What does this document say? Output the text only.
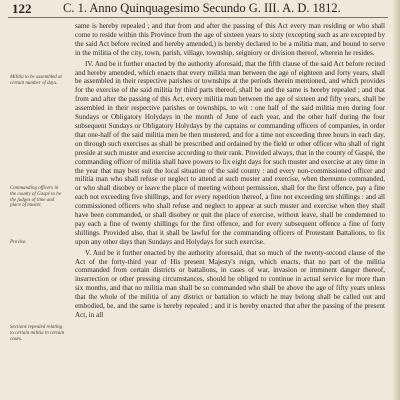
122	C. 1. Anno Quinquagesimo Secundo G. III. A. D. 1812.
Militia to be assembled at certain number of days.
Commanding officers in the county of Gaspé to be the judges of time and place of muster.
Proviso.
Sections repealed relating to certain militia in certain cases.

same is hereby repealed ; and that from and after the passing of this Act every man residing or who shall come to reside within this Province from the age of sixteen years to sixty (excepting such as are excepted by the said Act before recited and hereby amended,) is hereby declared to be a militia man, and bound to serve in the militia of the city, town, parish, village, township, seigniory or division thereof, wherein he resides.

IV. And be it further enacted by the authority aforesaid, that the fifth clause of the said Act before recited and hereby amended, which enacts that every militia man between the age of eighteen and forty years, shall be assembled in their respective parishes or townships at the periods therein mentioned, and which provides for the exercise of the said militia by third parts thereof, shall be and the same is hereby repealed ; and that from and after the passing of this Act, every militia man between the age of sixteen and fifty years, shall be assembled in their respective parishes or townships, to wit : one half of the said militia men during four Sundays or Obligatory Holydays in the month of June of each year, and the other half during the four subsequent Sundays or Obligatory Holydays by the captains or commanding officers of companies, in order that one-half of the said militia men be then mustered, and for a time not exceeding three hours in each day, on through such exercises as shall be prescribed and ordained by the field or other officer who shall of right preside at such muster and exercise according to their rank. Provided always, that in the county of Gaspé, the commanding officer of militia shall have powers to fix eight days for such muster and exercise at any time in the year that may best suit the local situation of the said county : and every non-commissioned officer and militia man who shall refuse or neglect to attend at such muster and exercise, when thereunto commanded, or who shall disobey or leave the place of meeting without permission, shall for the first offence, pay a fine each not exceeding five shillings, and for every repetition thereof, a fine not exceeding ten shillings : and all commissioned officers who shall refuse and neglect to appear at such muster and exercise when they shall have been commanded, or shall disobey or quit the place of exercise, without leave, shall be condemned to pay each a fine of twenty shillings for the first offence, and for every subsequent offence a fine of forty shillings. Provided also, that it shall be lawful for the commanding officers of Protestant Battalions, to fix upon any other days than Sundays and Holydays for such exercise.

V. And be it further enacted by the authority aforesaid, that so much of the twenty-second clause of the Act of the forty-third year of His present Majesty's reign, which enacts, that no part of the militia commanded from certain districts or battalions, in cases of war, invasion or imminent danger thereof, insurrection or other pressing circumstances, should be obliged to continue in actual service for more than six months, and that no militia man shall be so commanded who shall be above the age of fifty years unless that the whole of the militia of any district or battalion to which he may belong shall be called out and embodied, be, and the same is hereby repealed ; and it is hereby enacted that after the passing of the present Act, in all
